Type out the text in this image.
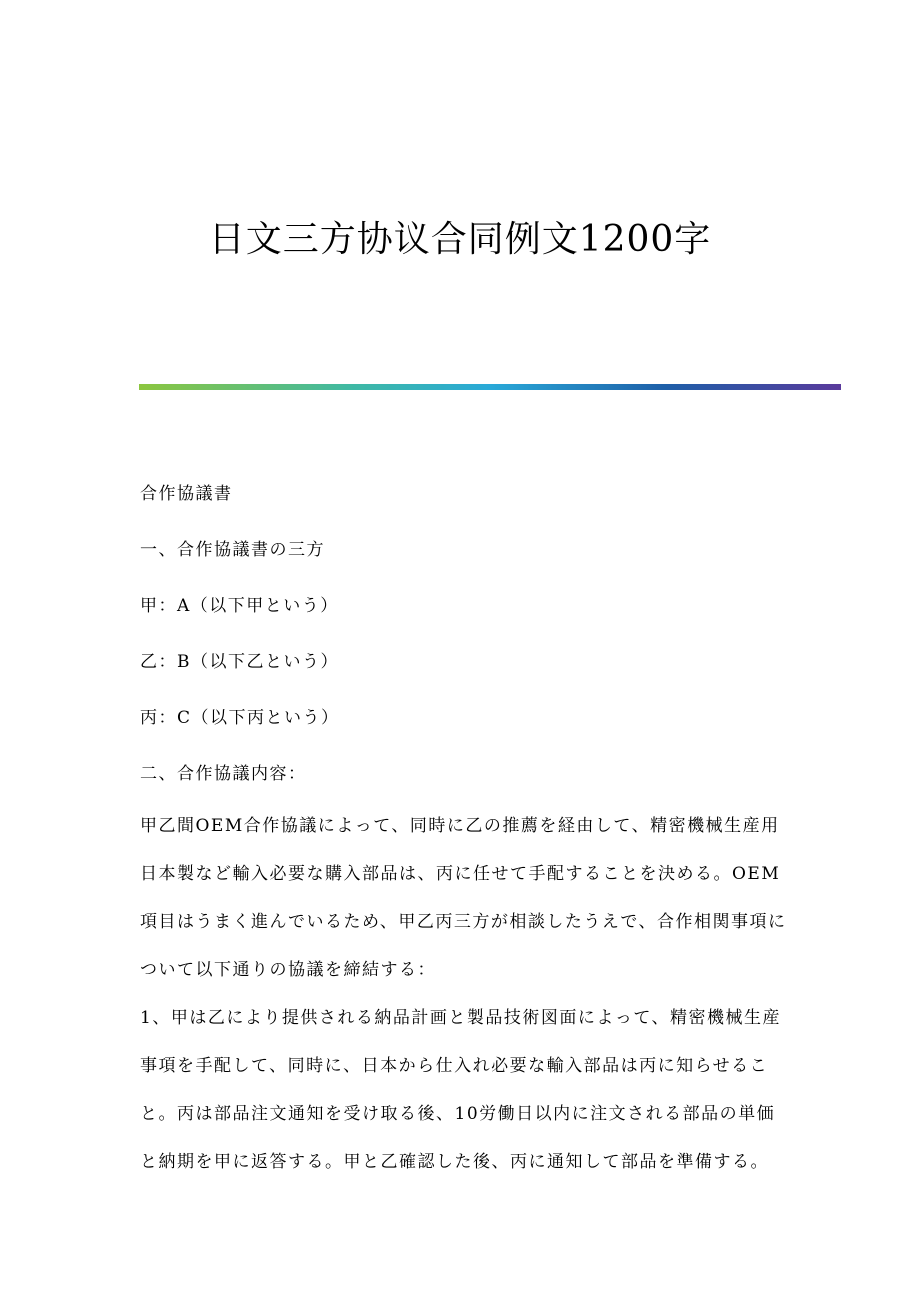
日文三方协议合同例文1200字

合作協議書

一、合作協議書の三方

甲：A（以下甲という）

乙：B（以下乙という）

丙：C（以下丙という）

二、合作協議内容：

甲乙間OEM合作協議によって、同時に乙の推薦を経由して、精密機械生産用日本製など輸入必要な購入部品は、丙に任せて手配することを決める。OEM項目はうまく進んでいるため、甲乙丙三方が相談したうえで、合作相関事項について以下通りの協議を締結する：

1、甲は乙により提供される納品計画と製品技術図面によって、精密機械生産事項を手配して、同時に、日本から仕入れ必要な輸入部品は丙に知らせること。丙は部品注文通知を受け取る後、10労働日以内に注文される部品の単価と納期を甲に返答する。甲と乙確認した後、丙に通知して部品を準備する。
